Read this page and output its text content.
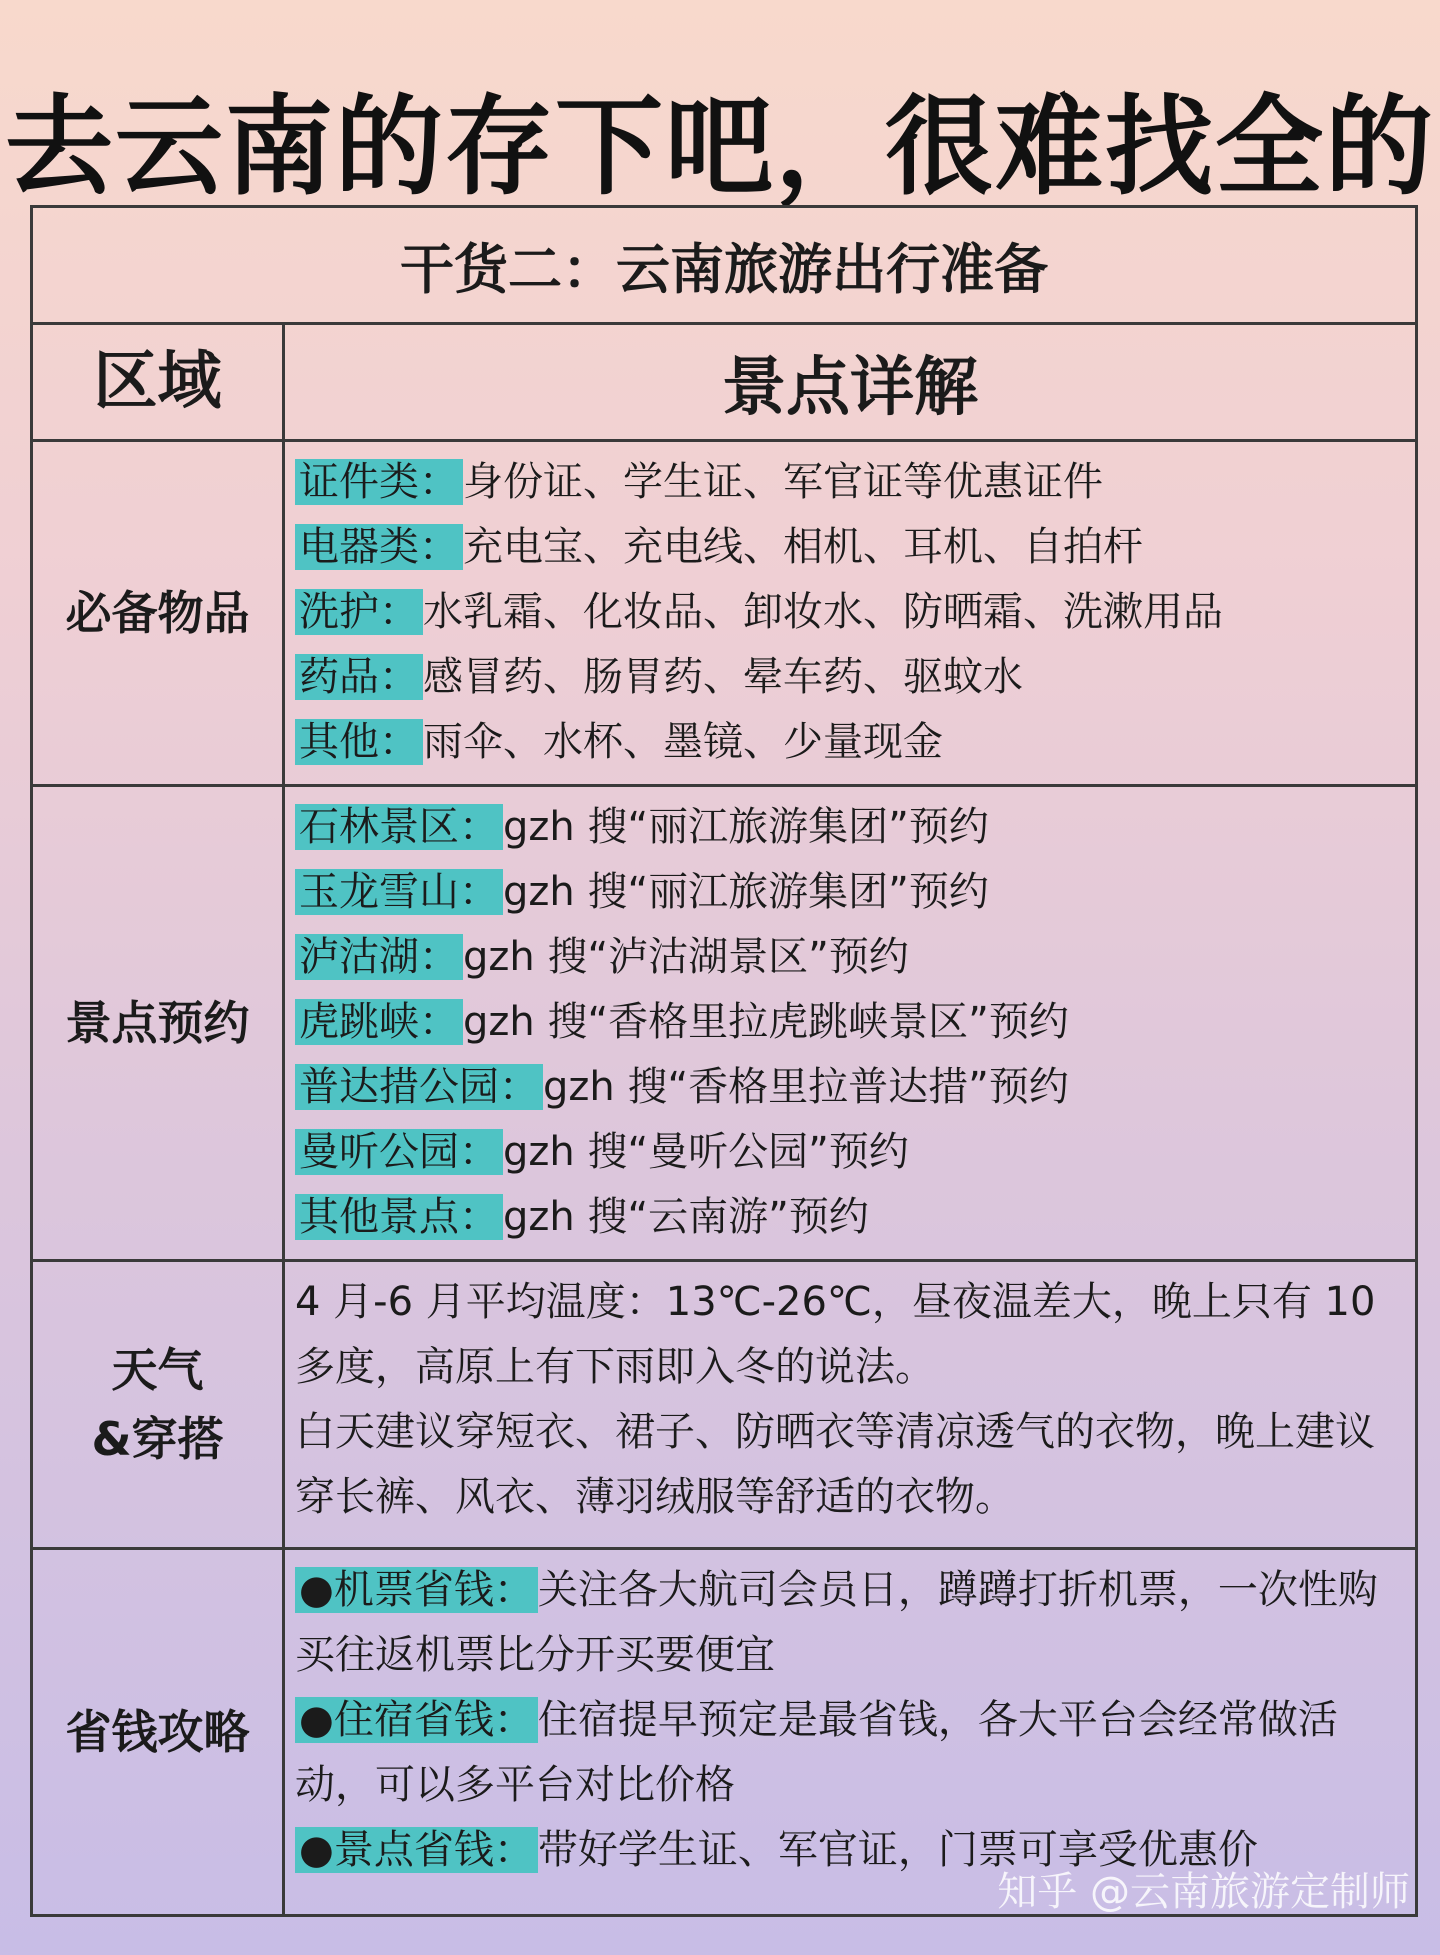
去云南的存下吧，很难找全的
干货二：云南旅游出行准备
区域	景点详解
必备物品
证件类： 身份证、学生证、军官证等优惠证件
电器类： 充电宝、充电线、相机、耳机、自拍杆
洗护： 水乳霜、化妆品、卸妆水、防晒霜、洗漱用品
药品： 感冒药、肠胃药、晕车药、驱蚊水
其他： 雨伞、水杯、墨镜、少量现金
景点预约
石林景区： gzh 搜“丽江旅游集团”预约
玉龙雪山： gzh 搜“丽江旅游集团”预约
泸沽湖： gzh 搜“泸沽湖景区”预约
虎跳峡： gzh 搜“香格里拉虎跳峡景区”预约
普达措公园： gzh 搜“香格里拉普达措”预约
曼听公园： gzh 搜“曼听公园”预约
其他景点： gzh 搜“云南游”预约
天气
&穿搭
4 月-6 月平均温度：13℃-26℃，昼夜温差大，晚上只有 10 多度，高原上有下雨即入冬的说法。
白天建议穿短衣、裙子、防晒衣等清凉透气的衣物，晚上建议穿长裤、风衣、薄羽绒服等舒适的衣物。
省钱攻略
●机票省钱： 关注各大航司会员日，蹲蹲打折机票，一次性购买往返机票比分开买要便宜
●住宿省钱： 住宿提早预定是最省钱，各大平台会经常做活动，可以多平台对比价格
●景点省钱： 带好学生证、军官证，门票可享受优惠价
知乎 @云南旅游定制师
